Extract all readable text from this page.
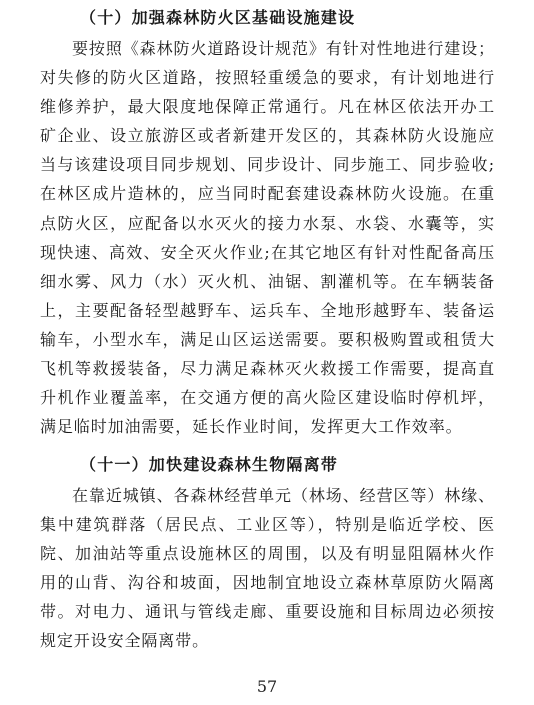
（十）加强森林防火区基础设施建设

要按照《森林防火道路设计规范》有针对性地进行建设；对失修的防火区道路，按照轻重缓急的要求，有计划地进行维修养护，最大限度地保障正常通行。凡在林区依法开办工矿企业、设立旅游区或者新建开发区的，其森林防火设施应当与该建设项目同步规划、同步设计、同步施工、同步验收;在林区成片造林的，应当同时配套建设森林防火设施。在重点防火区，应配备以水灭火的接力水泵、水袋、水囊等，实现快速、高效、安全灭火作业;在其它地区有针对性配备高压细水雾、风力（水）灭火机、油锯、割灌机等。在车辆装备上，主要配备轻型越野车、运兵车、全地形越野车、装备运输车，小型水车，满足山区运送需要。要积极购置或租赁大飞机等救援装备，尽力满足森林灭火救援工作需要，提高直升机作业覆盖率，在交通方便的高火险区建设临时停机坪，满足临时加油需要，延长作业时间，发挥更大工作效率。

（十一）加快建设森林生物隔离带

在靠近城镇、各森林经营单元（林场、经营区等）林缘、集中建筑群落（居民点、工业区等），特别是临近学校、医院、加油站等重点设施林区的周围，以及有明显阻隔林火作用的山背、沟谷和坡面，因地制宜地设立森林草原防火隔离带。对电力、通讯与管线走廊、重要设施和目标周边必须按规定开设安全隔离带。

57
